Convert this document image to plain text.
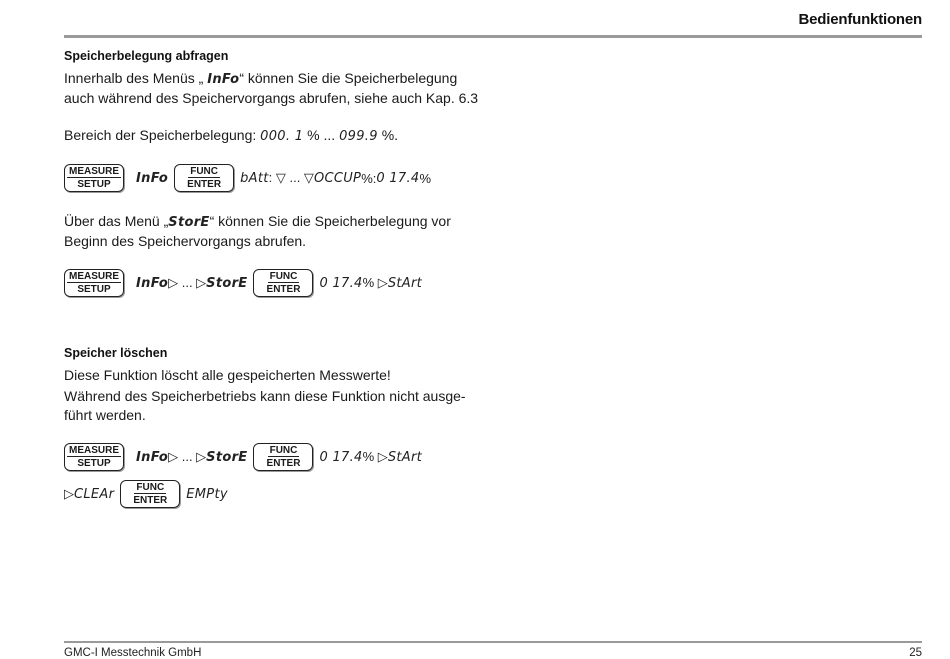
Bedienfunktionen
Speicherbelegung abfragen
Innerhalb des Menüs „ InFo“ können Sie die Speicherbelegung auch während des Speichervorgangs abrufen, siehe auch Kap. 6.3
Bereich der Speicherbelegung: 000. 1 % ... 099.9 %.
MEASURE
SETUP InFo FUNC
ENTER bAtt : ▽ ... ▽ OCCUP %: 0 17.4 %
Über das Menü „StorE“ können Sie die Speicherbelegung vor Beginn des Speichervorgangs abrufen.
MEASURE
SETUP InFo ▷ ... ▷ StorE FUNC
ENTER 0 17.4 % ▷ StArt
Speicher löschen
Diese Funktion löscht alle gespeicherten Messwerte!
Während des Speicherbetriebs kann diese Funktion nicht ausge-führt werden.
MEASURE
SETUP InFo ▷ ... ▷ StorE FUNC
ENTER 0 17.4 % ▷ StArt
▷ CLEAr FUNC
ENTER EMPty
GMC-I Messtechnik GmbH	25
